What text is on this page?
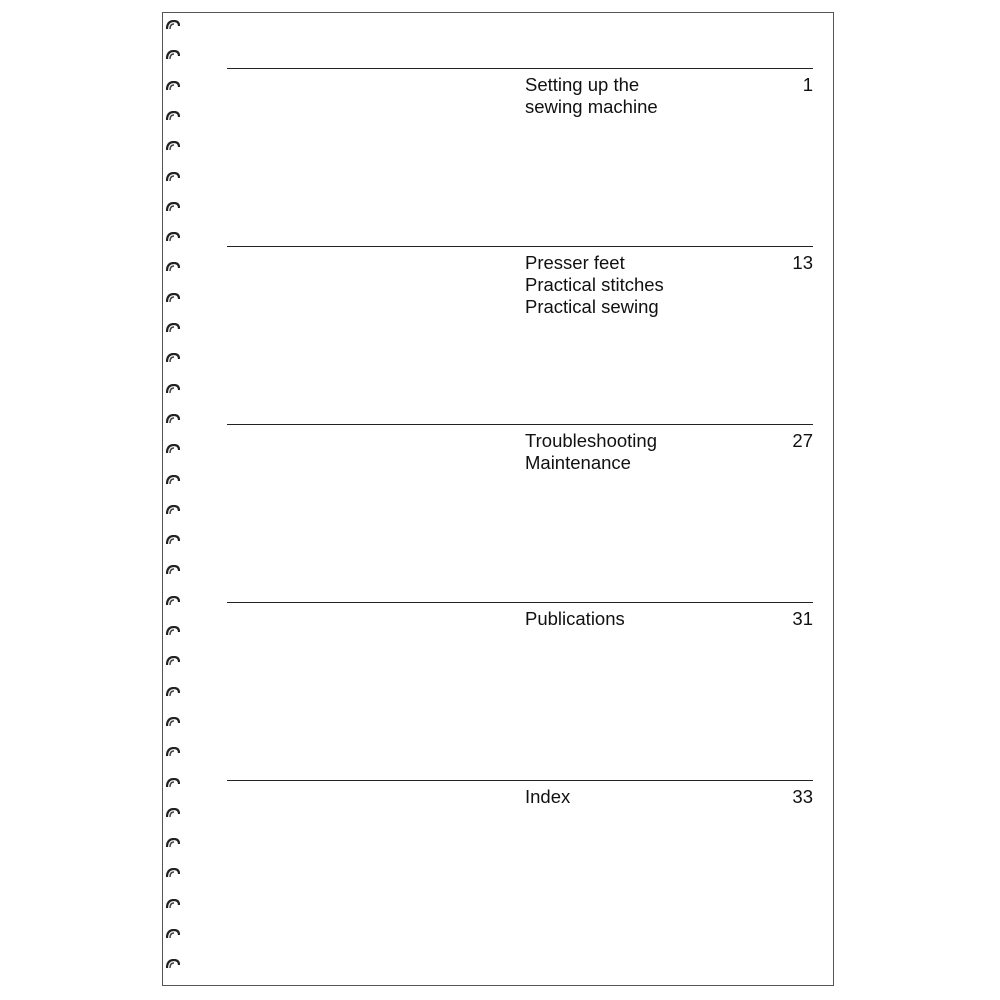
Setting up the
sewing machine
1
Presser feet
Practical stitches
Practical sewing
13
Troubleshooting
Maintenance
27
Publications	31
Index	33
